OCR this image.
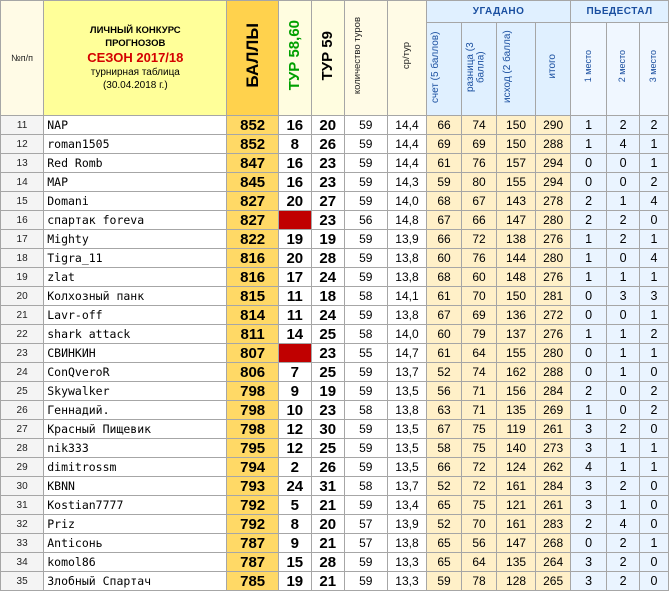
№п/п	ЛИЧНЫЙ КОНКУРС
ПРОГНОЗОВ
СЕЗОН 2017/18
турнирная таблица
(30.04.2018 г.)	БАЛЛЫ	ТУР 58,60	ТУР 59	количество туров	ср/тур	УГАДАНО				ПЬЕДЕСТАЛ		
							счет (5 баллов)	разница (3 балла)	исход (2 балла)	итого	1 место	2 место	3 место
11	NAP	852	16	20	59	14,4	66	74	150	290	1	2	2
12	roman1505	852	8	26	59	14,4	69	69	150	288	1	4	1
13	Red Romb	847	16	23	59	14,4	61	76	157	294	0	0	1
14	MAP	845	16	23	59	14,3	59	80	155	294	0	0	2
15	Domani	827	20	27	59	14,0	68	67	143	278	2	1	4
16	спартак foreva	827		23	56	14,8	67	66	147	280	2	2	0
17	Mighty	822	19	19	59	13,9	66	72	138	276	1	2	1
18	Tigra_11	816	20	28	59	13,8	60	76	144	280	1	0	4
19	zlat	816	17	24	59	13,8	68	60	148	276	1	1	1
20	Колхозный панк	815	11	18	58	14,1	61	70	150	281	0	3	3
21	Lavr-off	814	11	24	59	13,8	67	69	136	272	0	0	1
22	shark attack	811	14	25	58	14,0	60	79	137	276	1	1	2
23	СВИНКИН	807		23	55	14,7	61	64	155	280	0	1	1
24	ConQveroR	806	7	25	59	13,7	52	74	162	288	0	1	0
25	Skywalker	798	9	19	59	13,5	56	71	156	284	2	0	2
26	Геннадий.	798	10	23	58	13,8	63	71	135	269	1	0	2
27	Красный Пищевик	798	12	30	59	13,5	67	75	119	261	3	2	0
28	nik333	795	12	25	59	13,5	58	75	140	273	3	1	1
29	dimitrossm	794	2	26	59	13,5	66	72	124	262	4	1	1
30	KBNN	793	24	31	58	13,7	52	72	161	284	3	2	0
31	Kostian7777	792	5	21	59	13,4	65	75	121	261	3	1	0
32	Priz	792	8	20	57	13,9	52	70	161	283	2	4	0
33	Anticoнь	787	9	21	57	13,8	65	56	147	268	0	2	1
34	komol86	787	15	28	59	13,3	65	64	135	264	3	2	0
35	Злобный Спартач	785	19	21	59	13,3	59	78	128	265	3	2	0
